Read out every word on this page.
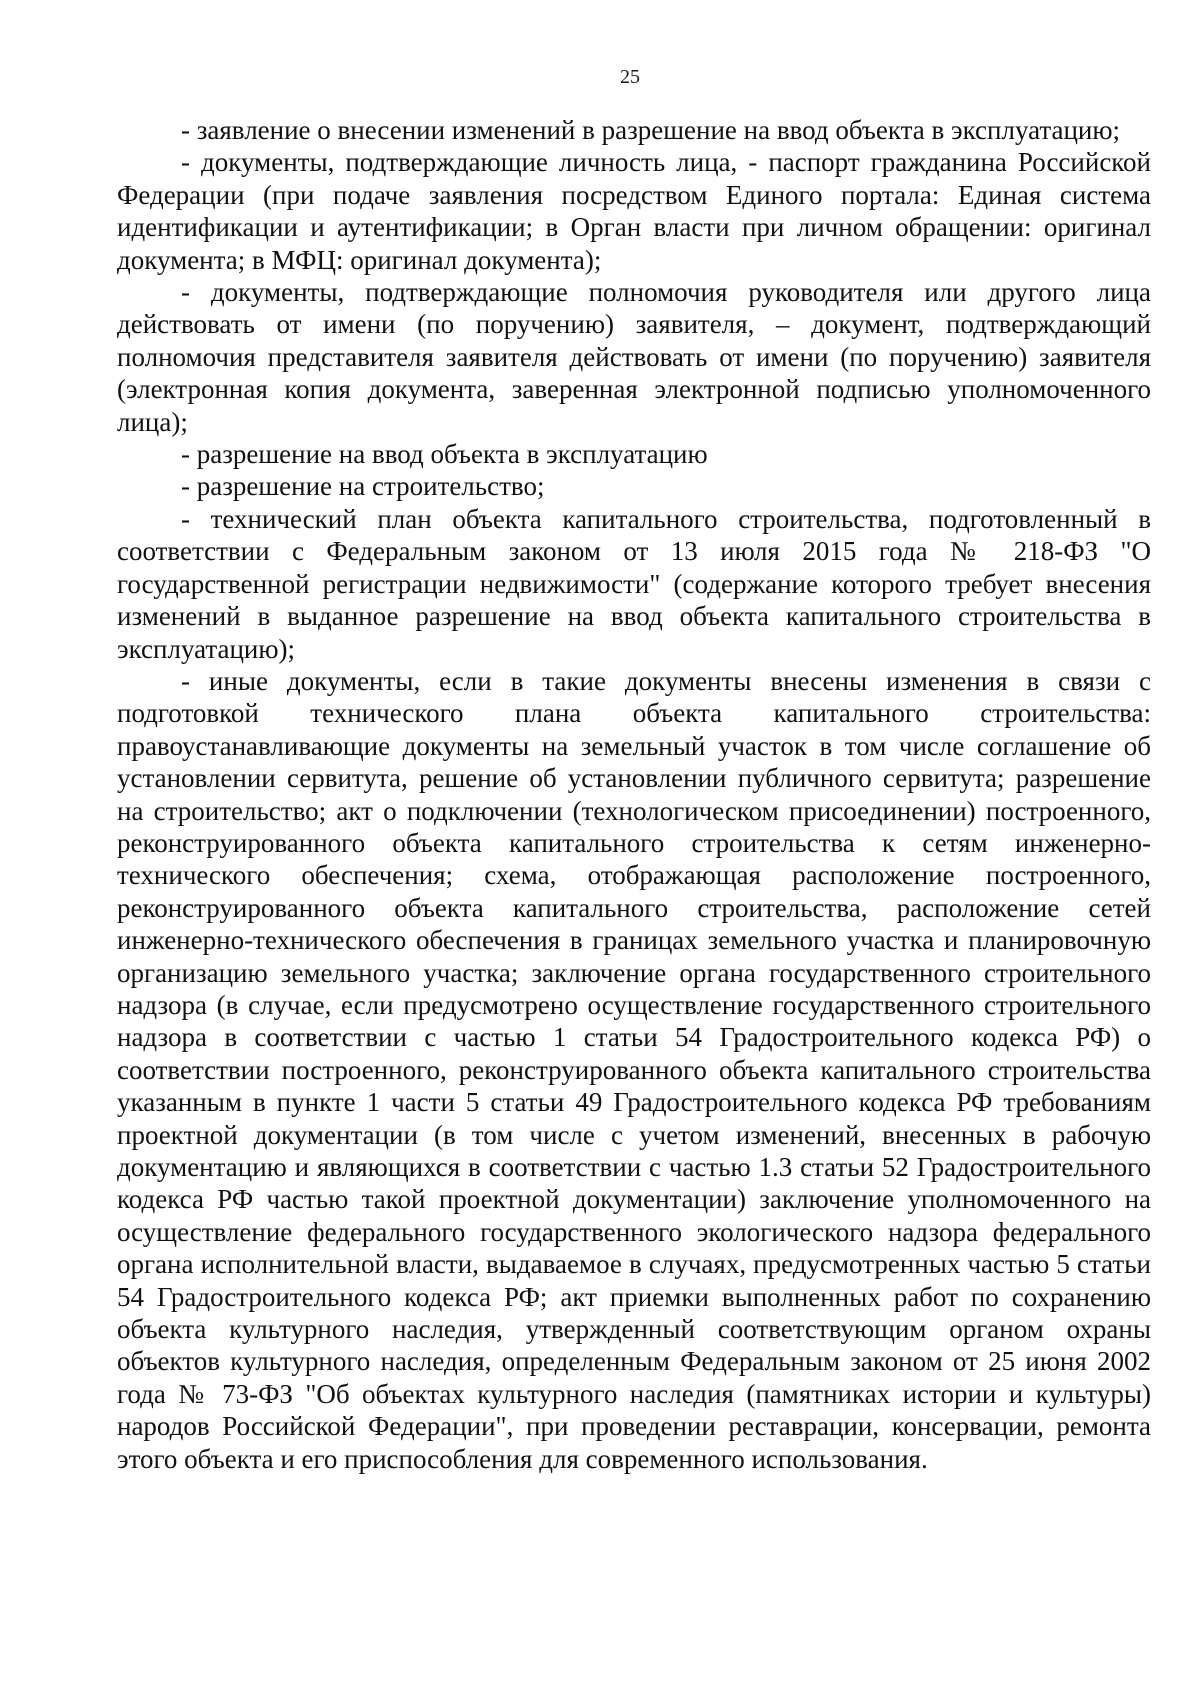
25

- заявление о внесении изменений в разрешение на ввод объекта в эксплуатацию;

- документы, подтверждающие личность лица, - паспорт гражданина Российской Федерации (при подаче заявления посредством Единого портала: Единая система идентификации и аутентификации; в Орган власти при личном обращении: оригинал документа; в МФЦ: оригинал документа);

- документы, подтверждающие полномочия руководителя или другого лица действовать от имени (по поручению) заявителя, – документ, подтверждающий полномочия представителя заявителя действовать от имени (по поручению) заявителя (электронная копия документа, заверенная электронной подписью уполномоченного лица);

- разрешение на ввод объекта в эксплуатацию

- разрешение на строительство;

- технический план объекта капитального строительства, подготовленный в соответствии с Федеральным законом от 13 июля 2015 года № 218-ФЗ "О государственной регистрации недвижимости" (содержание которого требует внесения изменений в выданное разрешение на ввод объекта капитального строительства в эксплуатацию);

- иные документы, если в такие документы внесены изменения в связи с подготовкой технического плана объекта капитального строительства: правоустанавливающие документы на земельный участок в том числе соглашение об установлении сервитута, решение об установлении публичного сервитута; разрешение на строительство; акт о подключении (технологическом присоединении) построенного, реконструированного объекта капитального строительства к сетям инженерно-технического обеспечения; схема, отображающая расположение построенного, реконструированного объекта капитального строительства, расположение сетей инженерно-технического обеспечения в границах земельного участка и планировочную организацию земельного участка; заключение органа государственного строительного надзора (в случае, если предусмотрено осуществление государственного строительного надзора в соответствии с частью 1 статьи 54 Градостроительного кодекса РФ) о соответствии построенного, реконструированного объекта капитального строительства указанным в пункте 1 части 5 статьи 49 Градостроительного кодекса РФ требованиям проектной документации (в том числе с учетом изменений, внесенных в рабочую документацию и являющихся в соответствии с частью 1.3 статьи 52 Градостроительного кодекса РФ частью такой проектной документации) заключение уполномоченного на осуществление федерального государственного экологического надзора федерального органа исполнительной власти, выдаваемое в случаях, предусмотренных частью 5 статьи 54 Градостроительного кодекса РФ; акт приемки выполненных работ по сохранению объекта культурного наследия, утвержденный соответствующим органом охраны объектов культурного наследия, определенным Федеральным законом от 25 июня 2002 года № 73-ФЗ "Об объектах культурного наследия (памятниках истории и культуры) народов Российской Федерации", при проведении реставрации, консервации, ремонта этого объекта и его приспособления для современного использования.
